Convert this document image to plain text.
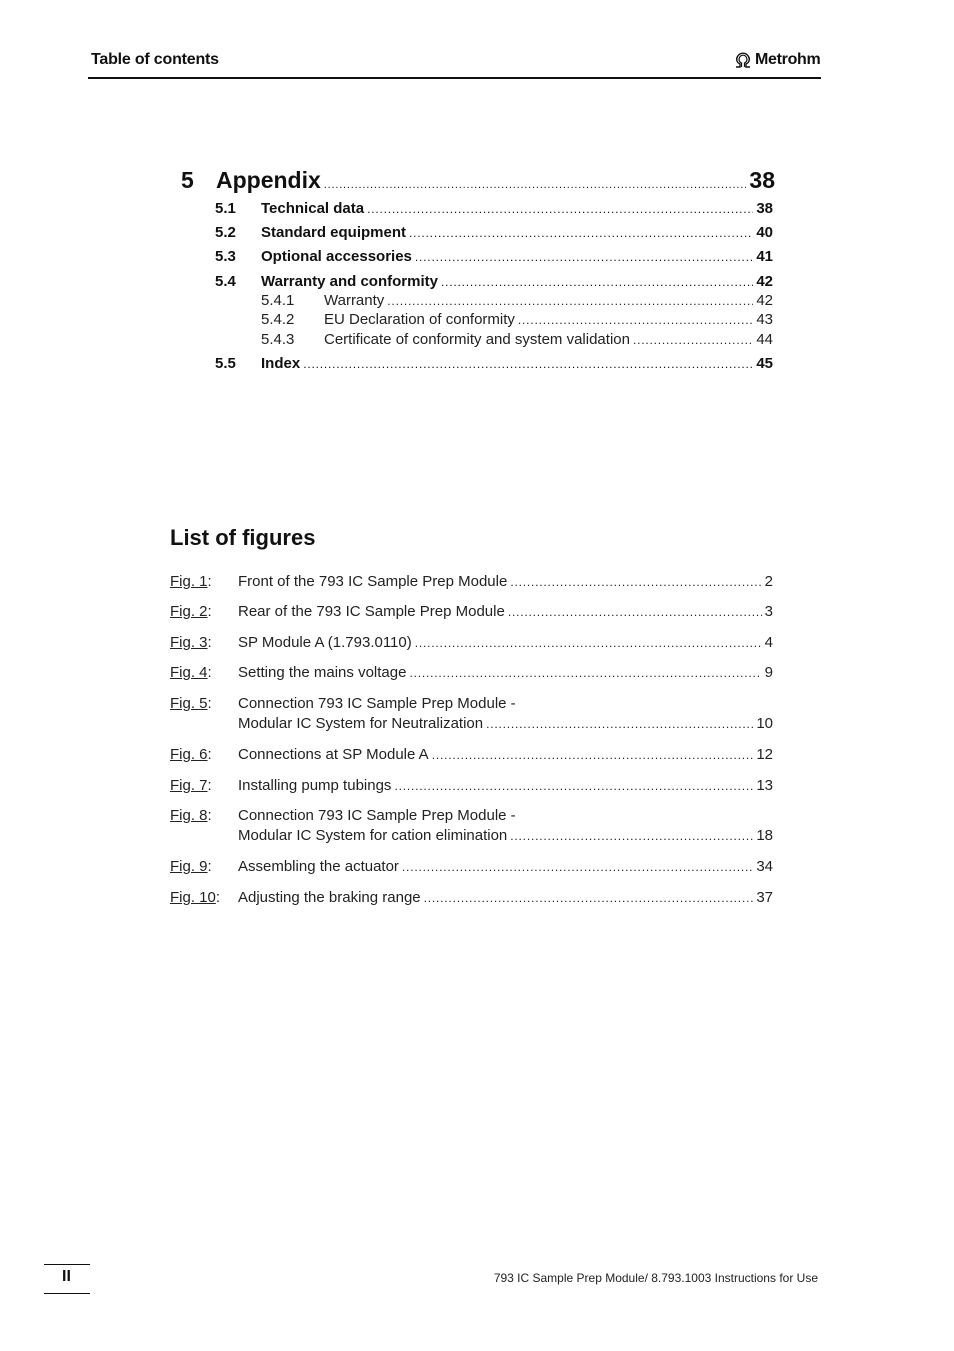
Table of contents	Metrohm
5 Appendix .....	38
5.1	Technical data .....	38
5.2	Standard equipment .....	40
5.3	Optional accessories .....	41
5.4	Warranty and conformity .....	42
5.4.1	Warranty .....	42
5.4.2	EU Declaration of conformity .....	43
5.4.3	Certificate of conformity and system validation .....	44
5.5	Index .....	45
List of figures
Fig. 1:	Front of the 793 IC Sample Prep Module .....	2
Fig. 2:	Rear of the 793 IC Sample Prep Module .....	3
Fig. 3:	SP Module A (1.793.0110) .....	4
Fig. 4:	Setting the mains voltage .....	9
Fig. 5:	Connection 793 IC Sample Prep Module -
Modular IC System for Neutralization .....	10
Fig. 6:	Connections at SP Module A .....	12
Fig. 7:	Installing pump tubings .....	13
Fig. 8:	Connection 793 IC Sample Prep Module -
Modular IC System for cation elimination .....	18
Fig. 9:	Assembling the actuator .....	34
Fig. 10:	Adjusting the braking range .....	37
II	793 IC Sample Prep Module/ 8.793.1003 Instructions for Use
